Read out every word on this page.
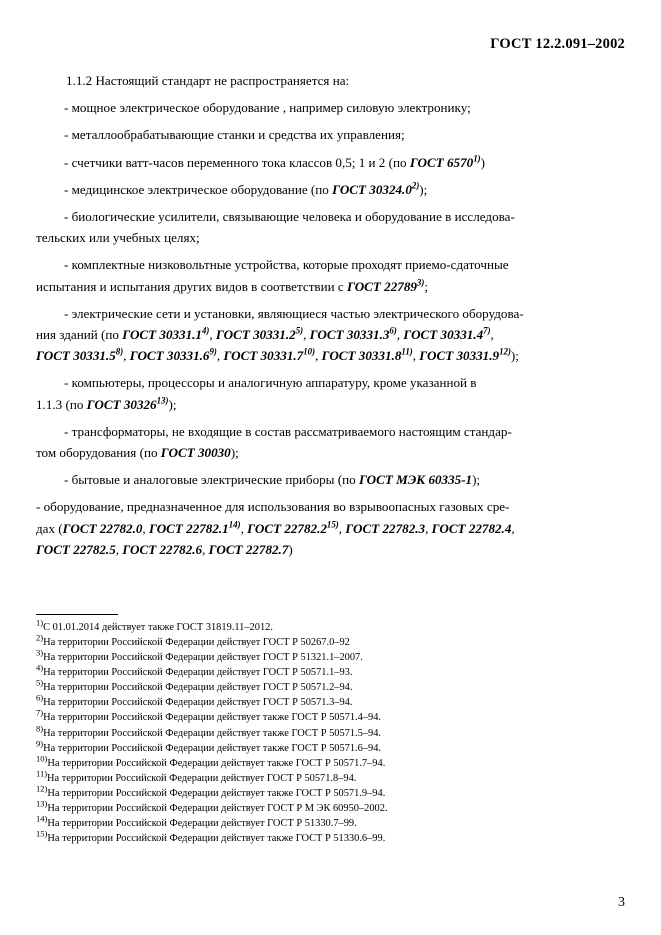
ГОСТ 12.2.091–2002

1.1.2 Настоящий стандарт не распространяется на:

- мощное электрическое оборудование , например силовую электронику;

- металлообрабатывающие станки и средства их управления;

- счетчики ватт-часов переменного тока классов 0,5; 1 и 2 (по ГОСТ 6570$^{1)}$)

- медицинское электрическое оборудование (по ГОСТ 30324.0$^{2)}$);

- биологические усилители, связывающие человека и оборудование в исследова-

тельских или учебных целях;

- комплектные низковольтные устройства, которые проходят приемо-сдаточные

испытания и испытания других видов в соответствии с ГОСТ 22789$^{3)}$;

- электрические сети и установки, являющиеся частью электрического оборудова-

ния зданий (по ГОСТ 30331.1$^{4)}$, ГОСТ 30331.2$^{5)}$, ГОСТ 30331.3$^{6)}$, ГОСТ 30331.4$^{7)}$,

ГОСТ 30331.5$^{8)}$, ГОСТ 30331.6$^{9)}$, ГОСТ 30331.7$^{10)}$, ГОСТ 30331.8$^{11)}$, ГОСТ 30331.9$^{12)}$);

- компьютеры, процессоры и аналогичную аппаратуру, кроме указанной в

1.1.3 (по ГОСТ 30326$^{13)}$);

- трансформаторы, не входящие в состав рассматриваемого настоящим стандар-

том оборудования (по ГОСТ 30030);

- бытовые и аналоговые электрические приборы (по ГОСТ МЭК 60335-1);

- оборудование, предназначенное для использования во взрывоопасных газовых сре-

дах (ГОСТ 22782.0, ГОСТ 22782.1$^{14)}$, ГОСТ 22782.2$^{15)}$, ГОСТ 22782.3, ГОСТ 22782.4,

ГОСТ 22782.5, ГОСТ 22782.6, ГОСТ 22782.7)

$^{1)}$С 01.01.2014 действует также ГОСТ 31819.11–2012.

$^{2)}$На территории Российской Федерации действует ГОСТ Р 50267.0–92

$^{3)}$На территории Российской Федерации действует ГОСТ Р 51321.1–2007.

$^{4)}$На территории Российской Федерации действует ГОСТ Р 50571.1–93.

$^{5)}$На территории Российской Федерации действует ГОСТ Р 50571.2–94.

$^{6)}$На территории Российской Федерации действует ГОСТ Р 50571.3–94.

$^{7)}$На территории Российской Федерации действует также ГОСТ Р 50571.4–94.

$^{8)}$На территории Российской Федерации действует также ГОСТ Р 50571.5–94.

$^{9)}$На территории Российской Федерации действует также ГОСТ Р 50571.6–94.

$^{10)}$На территории Российской Федерации действует также ГОСТ Р 50571.7–94.

$^{11)}$На территории Российской Федерации действует ГОСТ Р 50571.8–94.

$^{12)}$На территории Российской Федерации действует также ГОСТ Р 50571.9–94.

$^{13)}$На территории Российской Федерации действует ГОСТ Р М ЭК 60950–2002.

$^{14)}$На территории Российской Федерации действует ГОСТ Р 51330.7–99.

$^{15)}$На территории Российской Федерации действует также ГОСТ Р 51330.6–99.

3
